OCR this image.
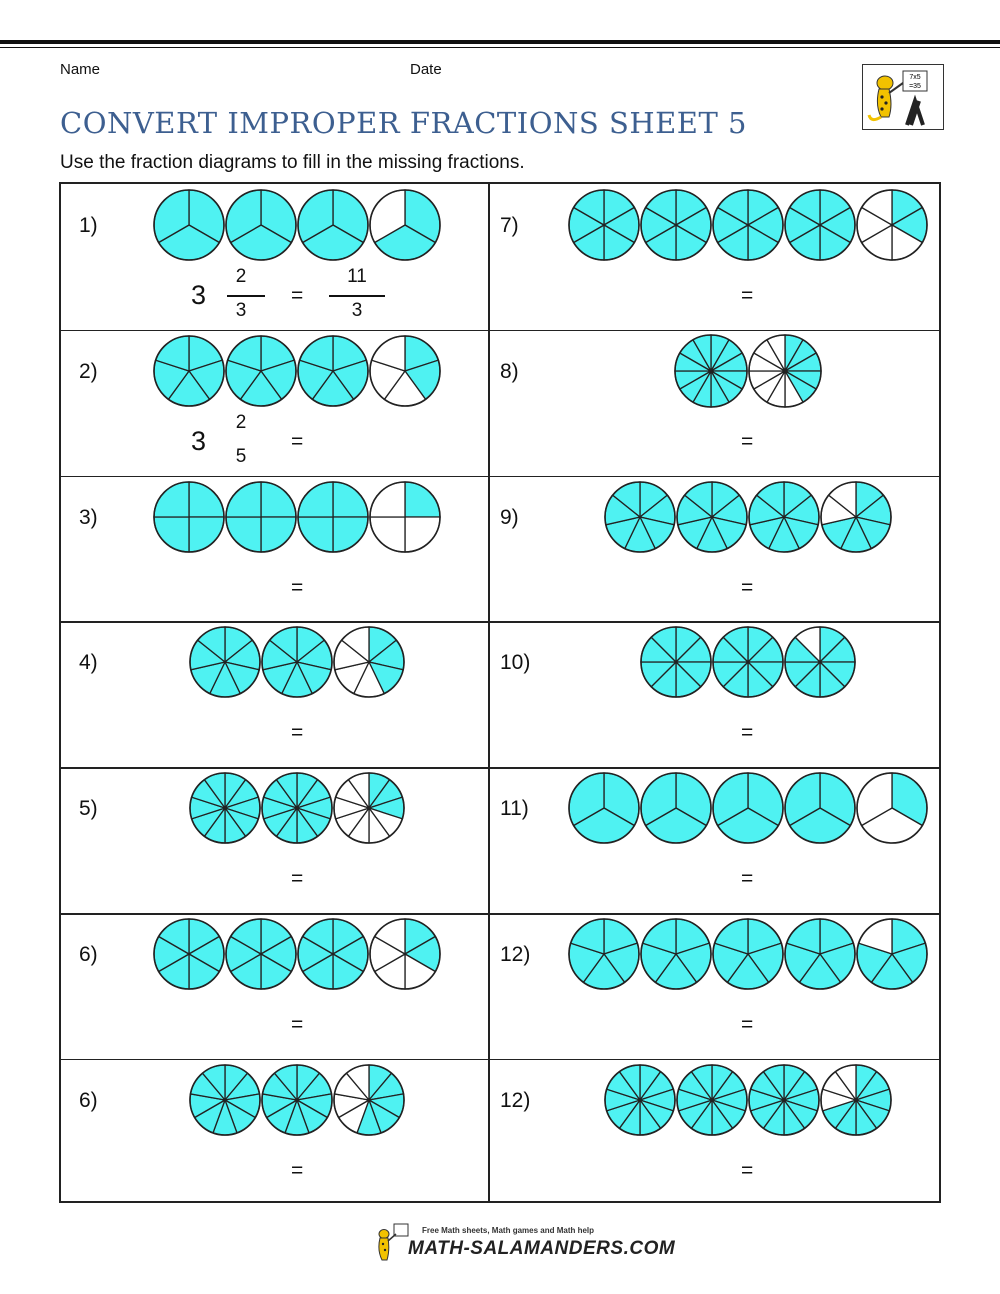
Name	Date	7x5
=35
CONVERT IMPROPER FRACTIONS SHEET 5
Use the fraction diagrams to fill in the missing fractions.
1)
=
3
2
3
11
3
7)
=
2)
=
3
2
5
8)
=
3)
=
9)
=
4)
=
10)
=
5)
=
11)
=
6)
=
12)
=
6)
=
12)
=
Free Math sheets, Math games and Math help
MATH-SALAMANDERS.COM
